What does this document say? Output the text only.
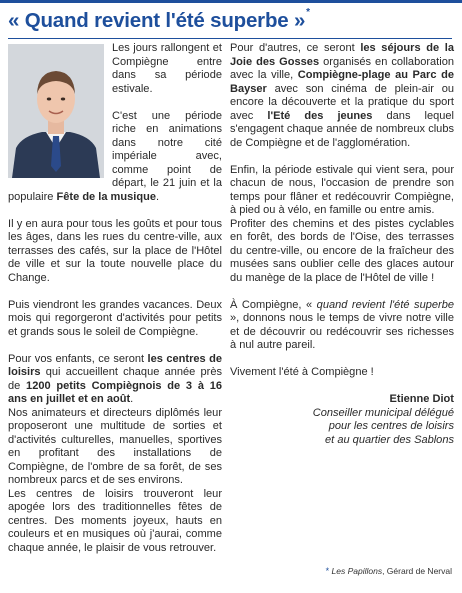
« Quand revient l'été superbe »*

Les jours rallongent et Compiègne entre dans sa période estivale.

C'est une période riche en animations dans notre cité impériale avec, comme point de départ, le 21 juin et la populaire Fête de la musique.

Il y en aura pour tous les goûts et pour tous les âges, dans les rues du centre-ville, aux terrasses des cafés, sur la place de l'Hôtel de ville et sur la toute nouvelle place du Change.

Puis viendront les grandes vacances. Deux mois qui regorgeront d'activités pour petits et grands sous le soleil de Compiègne.

Pour vos enfants, ce seront les centres de loisirs qui accueillent chaque année près de 1200 petits Compiègnois de 3 à 16 ans en juillet et en août.

Nos animateurs et directeurs diplômés leur proposeront une multitude de sorties et d'activités culturelles, manuelles, sportives en profitant des installations de Compiègne, de l'ombre de sa forêt, de ses nombreux parcs et de ses environs.

Les centres de loisirs trouveront leur apogée lors des traditionnelles fêtes de centres. Des moments joyeux, hauts en couleurs et en musiques où j'aurai, comme chaque année, le plaisir de vous retrouver.

Pour d'autres, ce seront les séjours de la Joie des Gosses organisés en collaboration avec la ville, Compiègne-plage au Parc de Bayser avec son cinéma de plein-air ou encore la découverte et la pratique du sport avec l'Eté des jeunes dans lequel s'engagent chaque année de nombreux clubs de Compiègne et de l'agglomération.

Enfin, la période estivale qui vient sera, pour chacun de nous, l'occasion de prendre son temps pour flâner et redécouvrir Compiègne, à pied ou à vélo, en famille ou entre amis.

Profiter des chemins et des pistes cyclables en forêt, des bords de l'Oise, des terrasses du centre-ville, ou encore de la fraîcheur des musées sans oublier celle des glaces autour du manège de la place de l'Hôtel de ville !

À Compiègne, « quand revient l'été superbe », donnons nous le temps de vivre notre ville et de découvrir ou redécouvrir ses richesses à nul autre pareil.

Vivement l'été à Compiègne !

Etienne Diot
Conseiller municipal délégué
pour les centres de loisirs
et au quartier des Sablons
* Les Papillons, Gérard de Nerval
